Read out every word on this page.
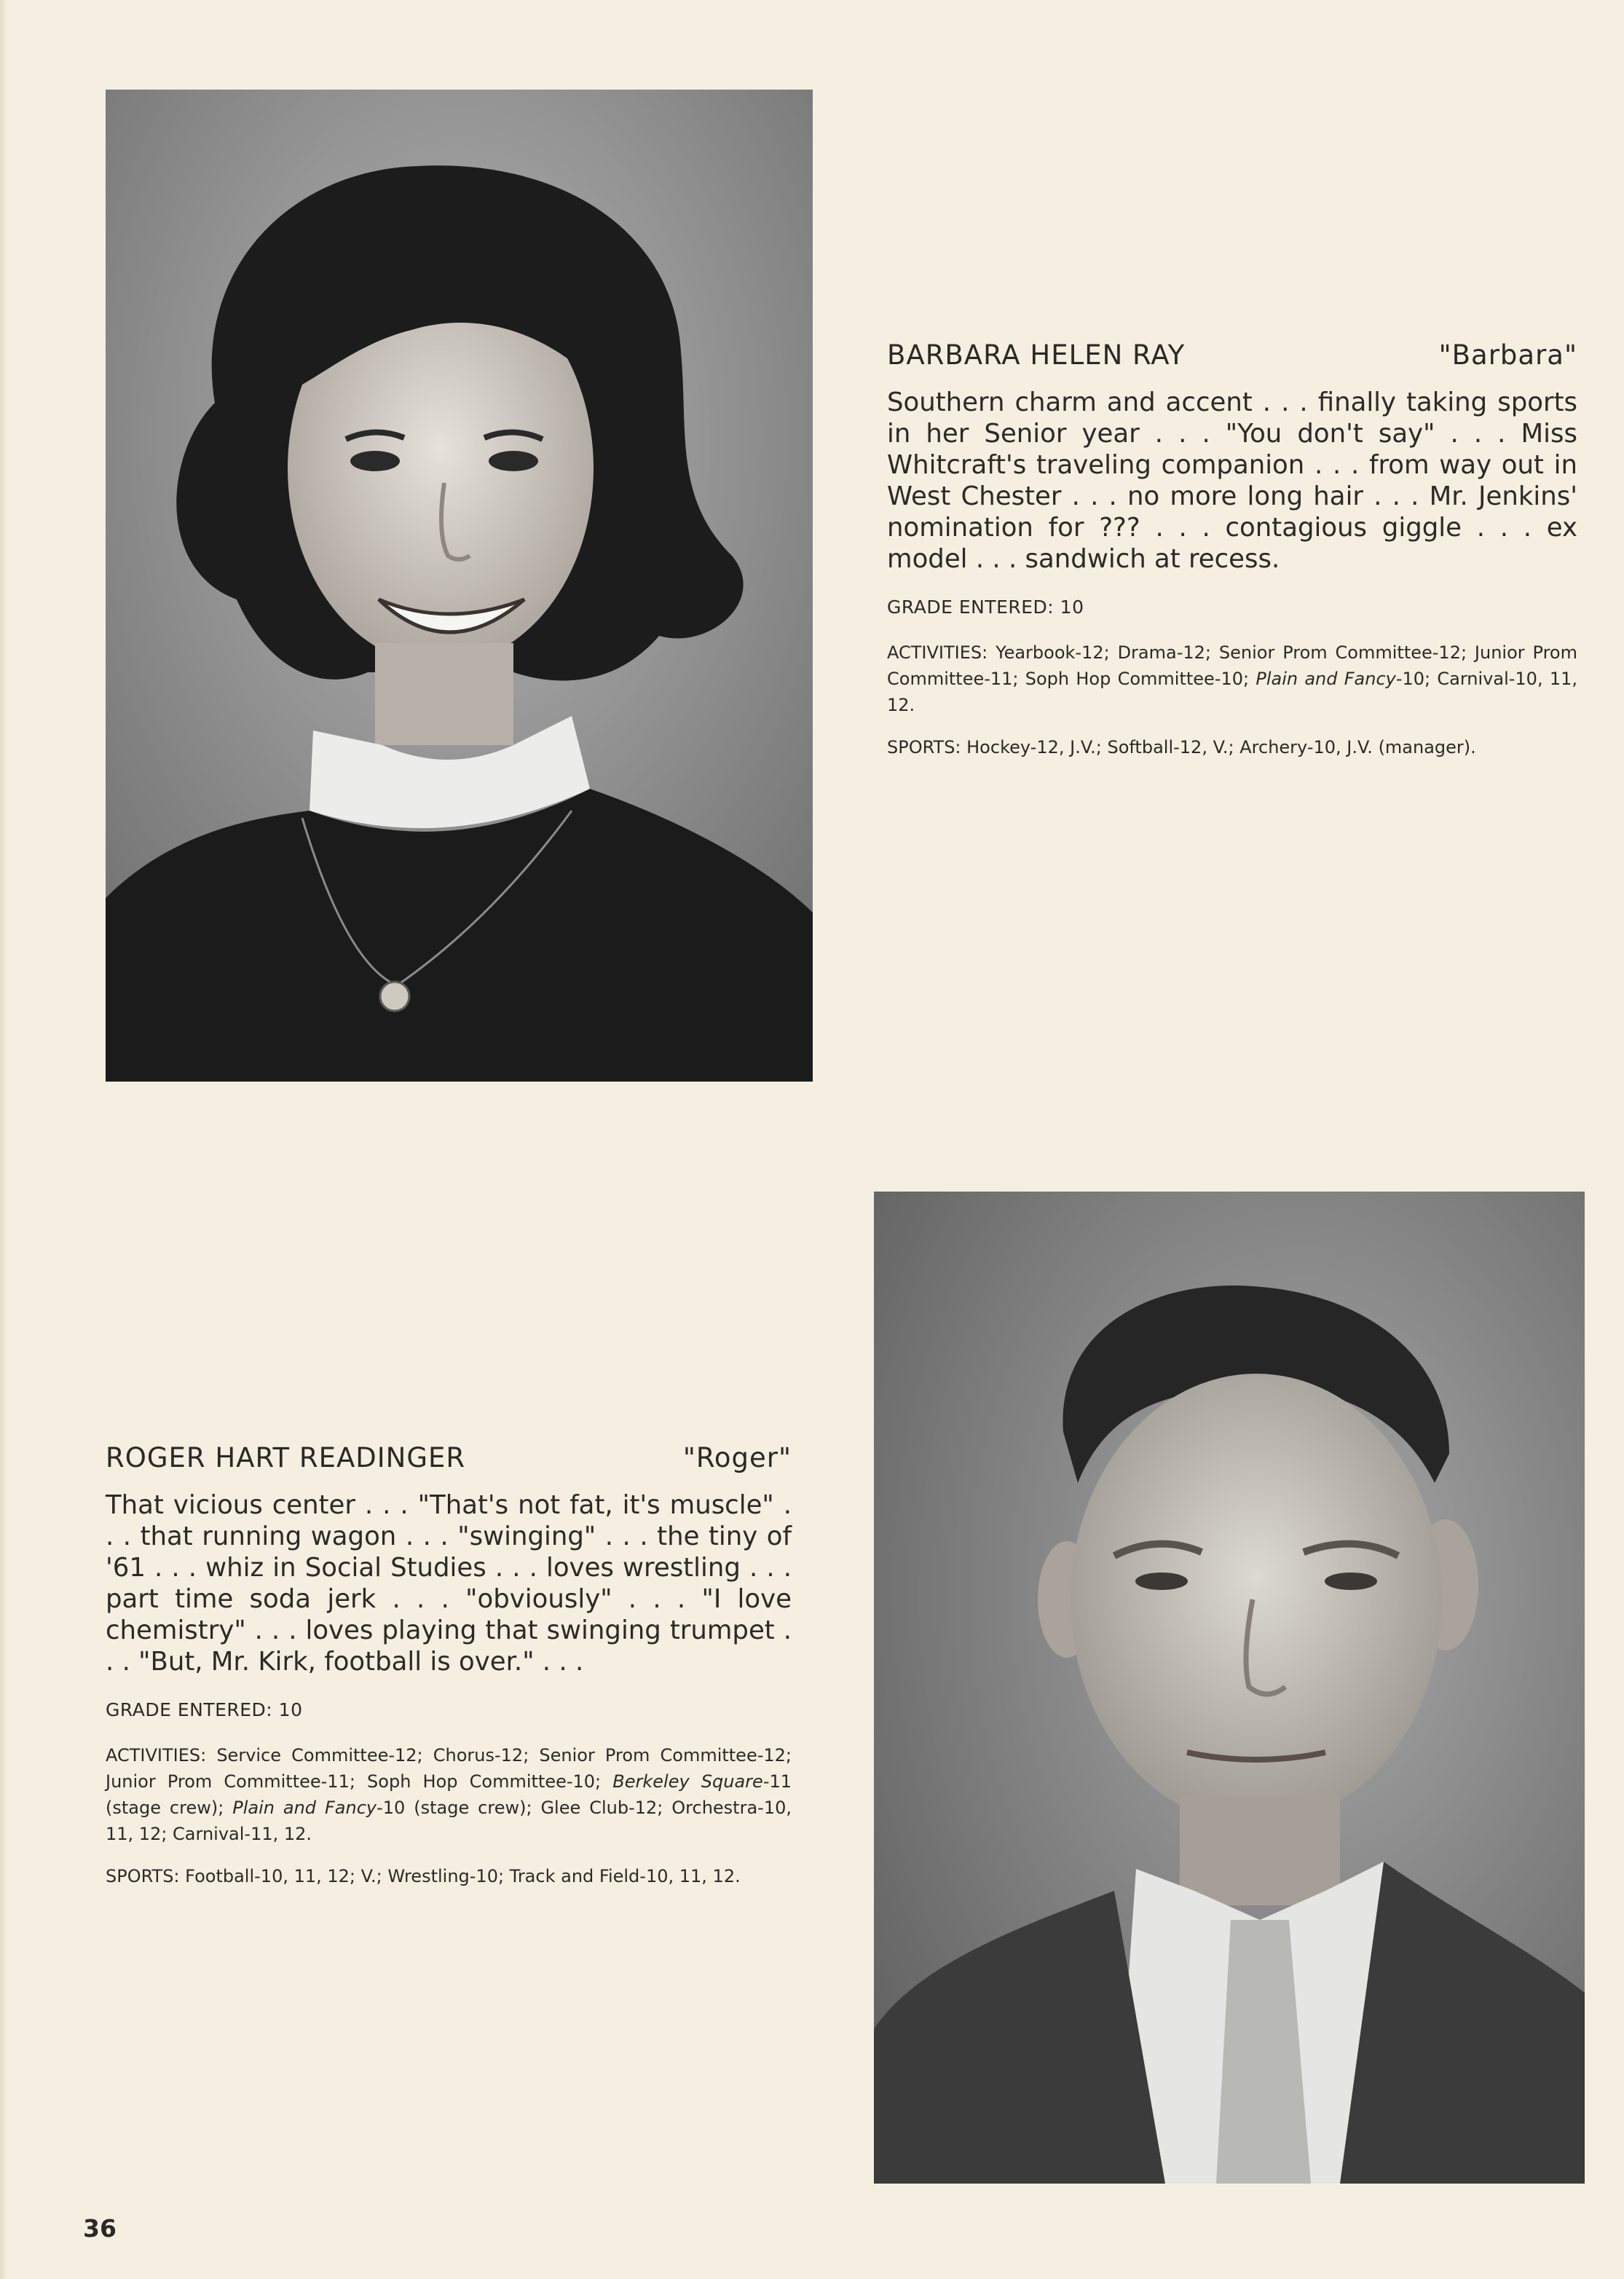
BARBARA HELEN RAY	"Barbara"
Southern charm and accent . . . finally taking sports in her Senior year . . . "You don't say" . . . Miss Whitcraft's traveling companion . . . from way out in West Chester . . . no more long hair . . . Mr. Jenkins' nomination for ??? . . . contagious giggle . . . ex model . . . sandwich at recess.
GRADE ENTERED: 10
ACTIVITIES: Yearbook-12; Drama-12; Senior Prom Committee-12; Junior Prom Committee-11; Soph Hop Committee-10; Plain and Fancy-10; Carnival-10, 11, 12.
SPORTS: Hockey-12, J.V.; Softball-12, V.; Archery-10, J.V. (manager).
ROGER HART READINGER	"Roger"
That vicious center . . . "That's not fat, it's muscle" . . . that running wagon . . . "swinging" . . . the tiny of '61 . . . whiz in Social Studies . . . loves wrestling . . . part time soda jerk . . . "obviously" . . . "I love chemistry" . . . loves playing that swinging trumpet . . . "But, Mr. Kirk, football is over." . . .
GRADE ENTERED: 10
ACTIVITIES: Service Committee-12; Chorus-12; Senior Prom Committee-12; Junior Prom Committee-11; Soph Hop Committee-10; Berkeley Square-11 (stage crew); Plain and Fancy-10 (stage crew); Glee Club-12; Orchestra-10, 11, 12; Carnival-11, 12.
SPORTS: Football-10, 11, 12; V.; Wrestling-10; Track and Field-10, 11, 12.
36
